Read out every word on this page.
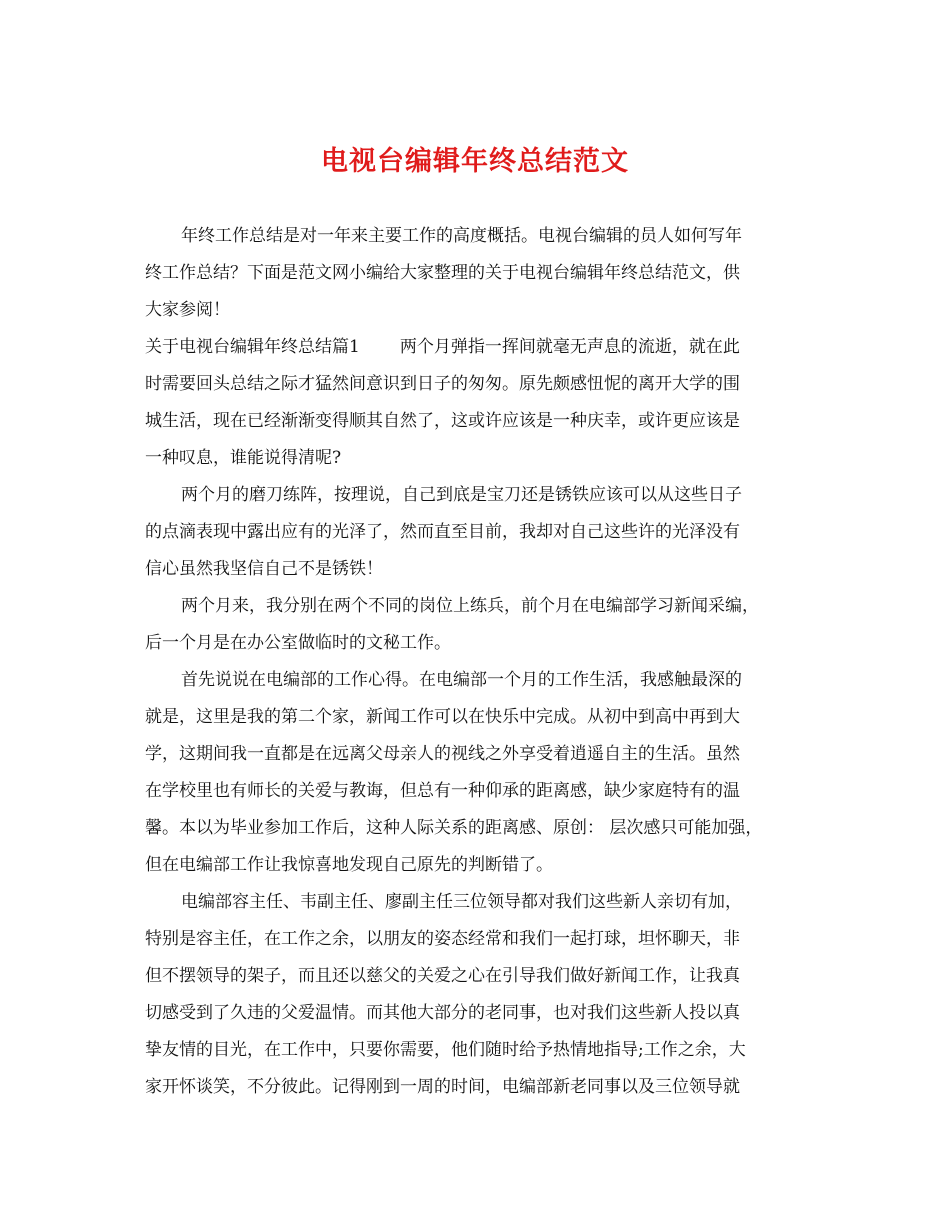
电视台编辑年终总结范文
年终工作总结是对一年来主要工作的高度概括。电视台编辑的员人如何写年
终工作总结？下面是范文网小编给大家整理的关于电视台编辑年终总结范文，供
大家参阅！
关于电视台编辑年终总结篇1 两个月弹指一挥间就毫无声息的流逝，就在此
时需要回头总结之际才猛然间意识到日子的匆匆。原先颇感忸怩的离开大学的围
城生活，现在已经渐渐变得顺其自然了，这或许应该是一种庆幸，或许更应该是
一种叹息，谁能说得清呢?
两个月的磨刀练阵，按理说，自己到底是宝刀还是锈铁应该可以从这些日子
的点滴表现中露出应有的光泽了，然而直至目前，我却对自己这些许的光泽没有
信心虽然我坚信自己不是锈铁！
两个月来，我分别在两个不同的岗位上练兵，前个月在电编部学习新闻采编，
后一个月是在办公室做临时的文秘工作。
首先说说在电编部的工作心得。在电编部一个月的工作生活，我感触最深的
就是，这里是我的第二个家，新闻工作可以在快乐中完成。从初中到高中再到大
学，这期间我一直都是在远离父母亲人的视线之外享受着逍遥自主的生活。虽然
在学校里也有师长的关爱与教诲，但总有一种仰承的距离感，缺少家庭特有的温
馨。本以为毕业参加工作后，这种人际关系的距离感、原创： 层次感只可能加强，
但在电编部工作让我惊喜地发现自己原先的判断错了。
电编部容主任、韦副主任、廖副主任三位领导都对我们这些新人亲切有加，
特别是容主任，在工作之余，以朋友的姿态经常和我们一起打球，坦怀聊天，非
但不摆领导的架子，而且还以慈父的关爱之心在引导我们做好新闻工作，让我真
切感受到了久违的父爱温情。而其他大部分的老同事，也对我们这些新人投以真
挚友情的目光，在工作中，只要你需要，他们随时给予热情地指导;工作之余，大
家开怀谈笑，不分彼此。记得刚到一周的时间，电编部新老同事以及三位领导就
